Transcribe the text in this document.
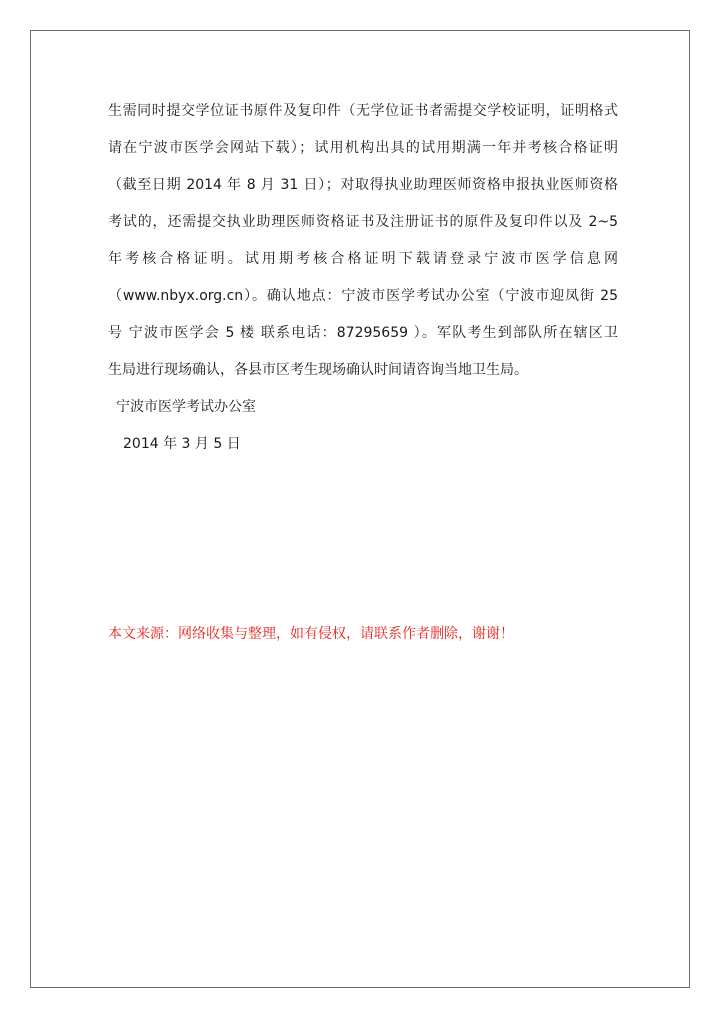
生需同时提交学位证书原件及复印件（无学位证书者需提交学校证明，证明格式
请在宁波市医学会网站下载）；试用机构出具的试用期满一年并考核合格证明
（截至日期 2014 年 8 月 31 日）；对取得执业助理医师资格申报执业医师资格
考试的，还需提交执业助理医师资格证书及注册证书的原件及复印件以及 2~5
年考核合格证明。试用期考核合格证明下载请登录宁波市医学信息网
（www.nbyx.org.cn）。确认地点：宁波市医学考试办公室（宁波市迎凤街 25
号 宁波市医学会 5 楼 联系电话：87295659 ）。军队考生到部队所在辖区卫
生局进行现场确认，各县市区考生现场确认时间请咨询当地卫生局。

宁波市医学考试办公室

2014 年 3 月 5 日

本文来源：网络收集与整理，如有侵权，请联系作者删除，谢谢！
